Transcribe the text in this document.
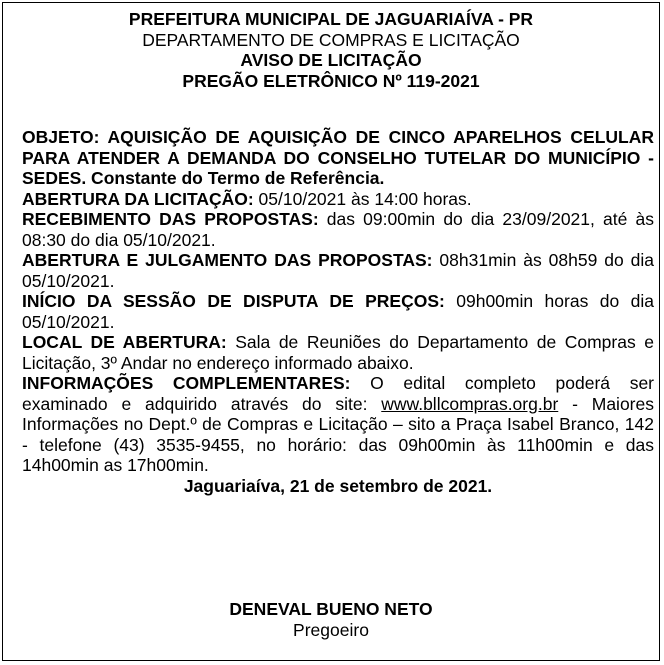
PREFEITURA MUNICIPAL DE JAGUARIAÍVA - PR
DEPARTAMENTO DE COMPRAS E LICITAÇÃO
AVISO DE LICITAÇÃO
PREGÃO ELETRÔNICO Nº 119-2021

OBJETO: AQUISIÇÃO DE AQUISIÇÃO DE CINCO APARELHOS CELULAR PARA ATENDER A DEMANDA DO CONSELHO TUTELAR DO MUNICÍPIO - SEDES. Constante do Termo de Referência.

ABERTURA DA LICITAÇÃO: 05/10/2021 às 14:00 horas.

RECEBIMENTO DAS PROPOSTAS: das 09:00min do dia 23/09/2021, até às 08:30 do dia 05/10/2021.

ABERTURA E JULGAMENTO DAS PROPOSTAS: 08h31min às 08h59 do dia 05/10/2021.

INÍCIO DA SESSÃO DE DISPUTA DE PREÇOS: 09h00min horas do dia 05/10/2021.

LOCAL DE ABERTURA: Sala de Reuniões do Departamento de Compras e Licitação, 3º Andar no endereço informado abaixo.

INFORMAÇÕES COMPLEMENTARES: O edital completo poderá ser examinado e adquirido através do site: www.bllcompras.org.br - Maiores Informações no Dept.º de Compras e Licitação – sito a Praça Isabel Branco, 142 - telefone (43) 3535-9455, no horário: das 09h00min às 11h00min e das 14h00min as 17h00min.

Jaguariaíva, 21 de setembro de 2021.

DENEVAL BUENO NETO
Pregoeiro
